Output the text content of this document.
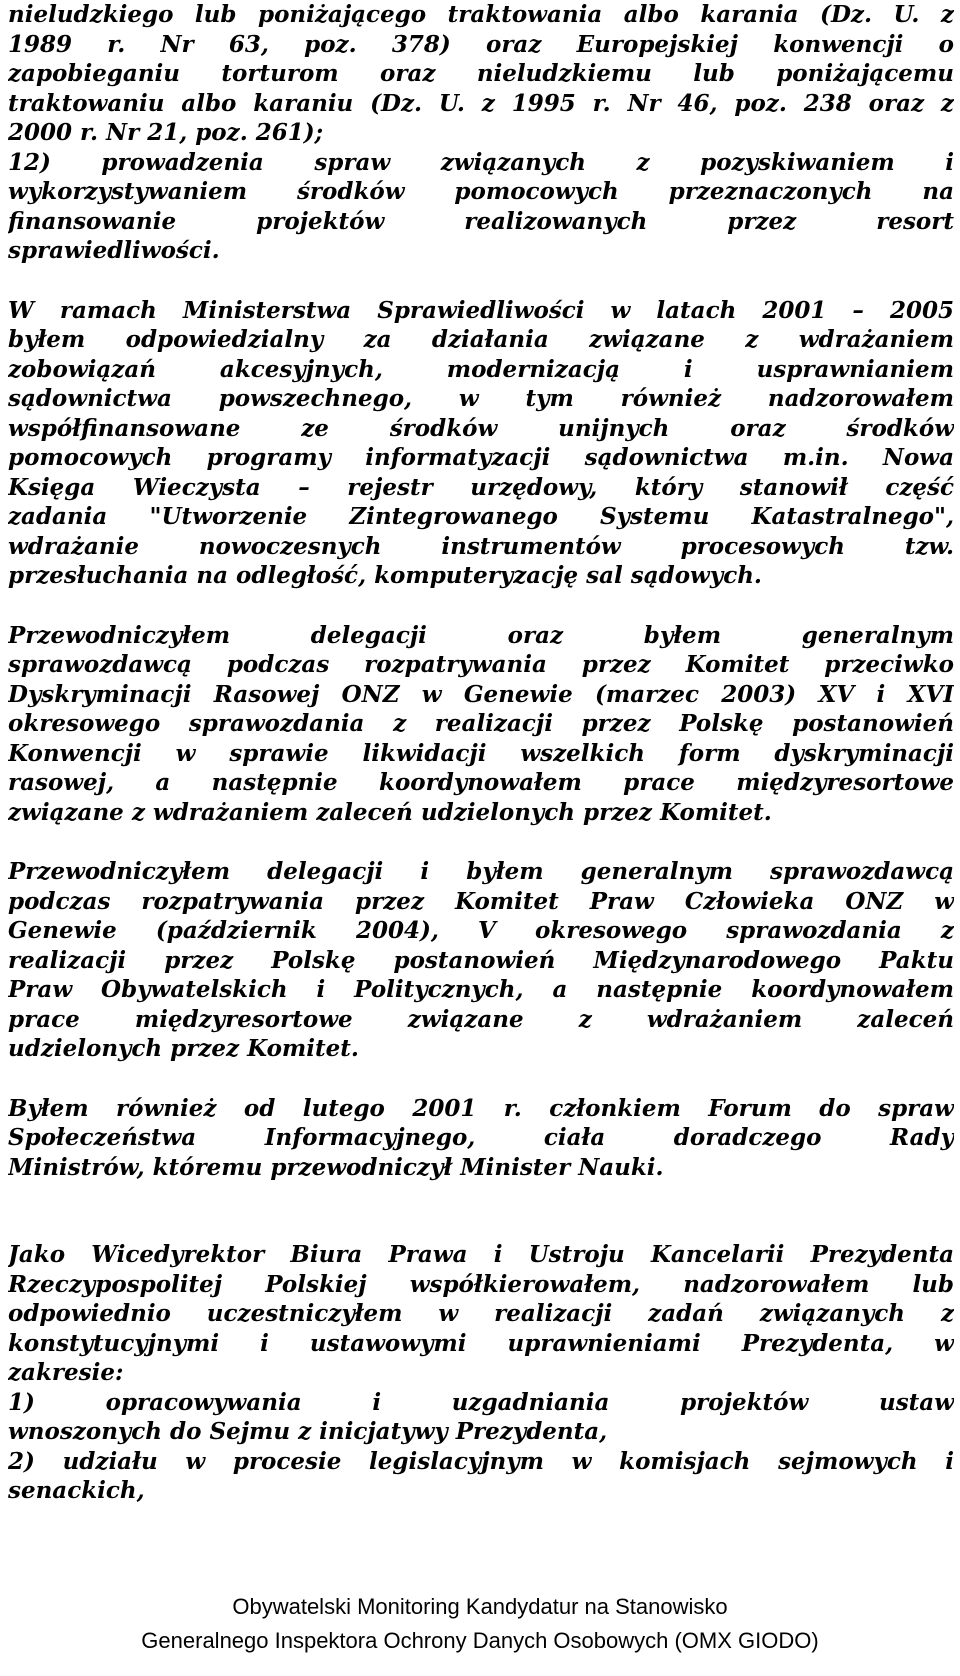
nieludzkiego lub poniżającego traktowania albo karania (Dz. U. z
1989 r. Nr 63, poz. 378) oraz Europejskiej konwencji o
zapobieganiu torturom oraz nieludzkiemu lub poniżającemu
traktowaniu albo karaniu (Dz. U. z 1995 r. Nr 46, poz. 238 oraz z
2000 r. Nr 21, poz. 261);
12) prowadzenia spraw związanych z pozyskiwaniem i
wykorzystywaniem środków pomocowych przeznaczonych na
finansowanie projektów realizowanych przez resort
sprawiedliwości.
W ramach Ministerstwa Sprawiedliwości w latach 2001 – 2005
byłem odpowiedzialny za działania związane z wdrażaniem
zobowiązań akcesyjnych, modernizacją i usprawnianiem
sądownictwa powszechnego, w tym również nadzorowałem
współfinansowane ze środków unijnych oraz środków
pomocowych programy informatyzacji sądownictwa m.in. Nowa
Księga Wieczysta – rejestr urzędowy, który stanowił część
zadania "Utworzenie Zintegrowanego Systemu Katastralnego",
wdrażanie nowoczesnych instrumentów procesowych tzw.
przesłuchania na odległość, komputeryzację sal sądowych.
Przewodniczyłem delegacji oraz byłem generalnym
sprawozdawcą podczas rozpatrywania przez Komitet przeciwko
Dyskryminacji Rasowej ONZ w Genewie (marzec 2003) XV i XVI
okresowego sprawozdania z realizacji przez Polskę postanowień
Konwencji w sprawie likwidacji wszelkich form dyskryminacji
rasowej, a następnie koordynowałem prace międzyresortowe
związane z wdrażaniem zaleceń udzielonych przez Komitet.
Przewodniczyłem delegacji i byłem generalnym sprawozdawcą
podczas rozpatrywania przez Komitet Praw Człowieka ONZ w
Genewie (październik 2004), V okresowego sprawozdania z
realizacji przez Polskę postanowień Międzynarodowego Paktu
Praw Obywatelskich i Politycznych, a następnie koordynowałem
prace międzyresortowe związane z wdrażaniem zaleceń
udzielonych przez Komitet.
Byłem również od lutego 2001 r. członkiem Forum do spraw
Społeczeństwa Informacyjnego, ciała doradczego Rady
Ministrów, któremu przewodniczył Minister Nauki.
Jako Wicedyrektor Biura Prawa i Ustroju Kancelarii Prezydenta
Rzeczypospolitej Polskiej współkierowałem, nadzorowałem lub
odpowiednio uczestniczyłem w realizacji zadań związanych z
konstytucyjnymi i ustawowymi uprawnieniami Prezydenta, w
zakresie:
1) opracowywania i uzgadniania projektów ustaw
wnoszonych do Sejmu z inicjatywy Prezydenta,
2) udziału w procesie legislacyjnym w komisjach sejmowych i
senackich,
Obywatelski Monitoring Kandydatur na Stanowisko
Generalnego Inspektora Ochrony Danych Osobowych (OMX GIODO)
